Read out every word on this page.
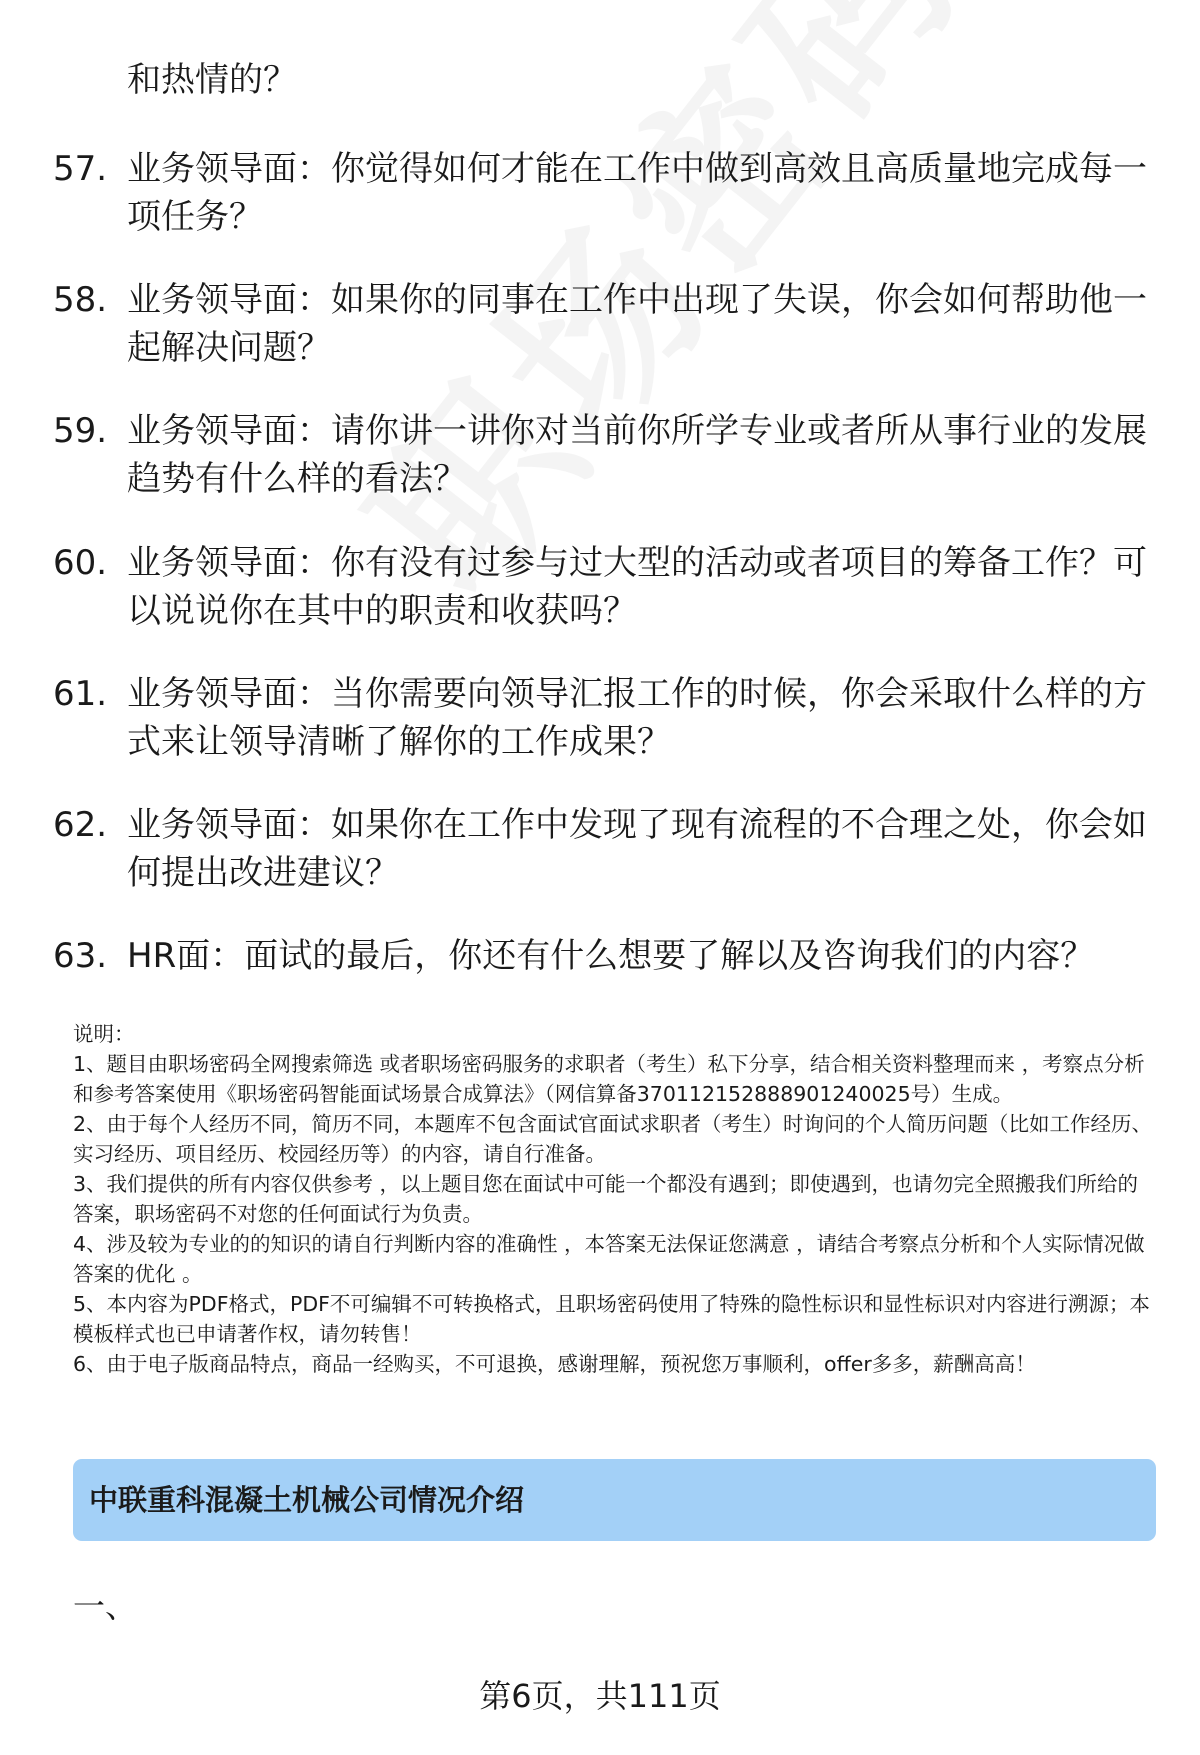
和热情的？
57. 业务领导面：你觉得如何才能在工作中做到高效且高质量地完成每一项任务？
58. 业务领导面：如果你的同事在工作中出现了失误，你会如何帮助他一起解决问题？
59. 业务领导面：请你讲一讲你对当前你所学专业或者所从事行业的发展趋势有什么样的看法？
60. 业务领导面：你有没有过参与过大型的活动或者项目的筹备工作？可以说说你在其中的职责和收获吗？
61. 业务领导面：当你需要向领导汇报工作的时候，你会采取什么样的方式来让领导清晰了解你的工作成果？
62. 业务领导面：如果你在工作中发现了现有流程的不合理之处，你会如何提出改进建议？
63. HR面：面试的最后，你还有什么想要了解以及咨询我们的内容？

说明：

1、题目由职场密码全网搜索筛选 或者职场密码服务的求职者（考生）私下分享，结合相关资料整理而来 ，考察点分析和参考答案使用《职场密码智能面试场景合成算法》（网信算备370112152888901240025号）生成。

2、由于每个人经历不同，简历不同，本题库不包含面试官面试求职者（考生）时询问的个人简历问题（比如工作经历、实习经历、项目经历、校园经历等）的内容，请自行准备。

3、我们提供的所有内容仅供参考 ，以上题目您在面试中可能一个都没有遇到；即使遇到，也请勿完全照搬我们所给的答案，职场密码不对您的任何面试行为负责。

4、涉及较为专业的的知识的请自行判断内容的准确性 ，本答案无法保证您满意 ，请结合考察点分析和个人实际情况做答案的优化 。

5、本内容为PDF格式，PDF不可编辑不可转换格式，且职场密码使用了特殊的隐性标识和显性标识对内容进行溯源；本模板样式也已申请著作权，请勿转售！

6、由于电子版商品特点，商品一经购买，不可退换，感谢理解，预祝您万事顺利，offer多多，薪酬高高！

中联重科混凝土机械公司情况介绍
一、
第6页，共111页
